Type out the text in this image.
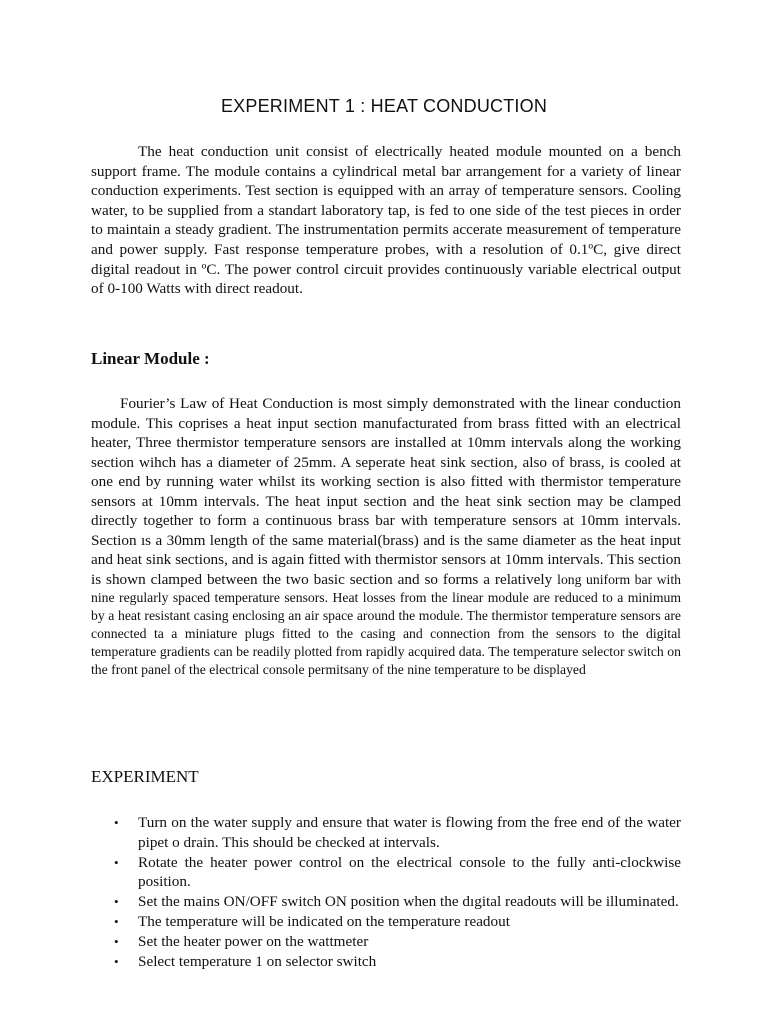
EXPERIMENT 1 : HEAT CONDUCTION

The heat conduction unit consist of electrically heated module mounted on a bench support frame. The module contains a cylindrical metal bar arrangement for a variety of linear conduction experiments. Test section is equipped with an array of temperature sensors. Cooling water, to be supplied from a standart laboratory tap, is fed to one side of the test pieces in order to maintain a steady gradient. The instrumentation permits accerate measurement of temperature and power supply. Fast response temperature probes, with a resolution of 0.1ºC, give direct digital readout in ºC. The power control circuit provides continuously variable electrical output of 0-100 Watts with direct readout.

Linear Module :

Fourier’s Law of Heat Conduction is most simply demonstrated with the linear conduction module. This coprises a heat input section manufacturated from brass fitted with an electrical heater, Three thermistor temperature sensors are installed at 10mm intervals along the working section wihch has a diameter of 25mm. A seperate heat sink section, also of brass, is cooled at one end by running water whilst its working section is also fitted with thermistor temperature sensors at 10mm intervals. The heat input section and the heat sink section may be clamped directly together to form a continuous brass bar with temperature sensors at 10mm intervals. Section ıs a 30mm length of the same material(brass) and is the same diameter as the heat input and heat sink sections, and is again fitted with thermistor sensors at 10mm intervals. This section is shown clamped between the two basic section and so forms a relatively long uniform bar with nine regularly spaced temperature sensors. Heat losses from the linear module are reduced to a minimum by a heat resistant casing enclosing an air space around the module. The thermistor temperature sensors are connected ta a miniature plugs fitted to the casing and connection from the sensors to the digital temperature gradients can be readily plotted from rapidly acquired data. The temperature selector switch on the front panel of the electrical console permitsany of the nine temperature to be displayed

EXPERIMENT
• Turn on the water supply and ensure that water is flowing from the free end of the water pipet o drain. This should be checked at intervals.
• Rotate the heater power control on the electrical console to the fully anti-clockwise position.
• Set the mains ON/OFF switch ON position when the dıgital readouts will be illuminated.
• The temperature will be indicated on the temperature readout
• Set the heater power on the wattmeter
• Select temperature 1 on selector switch
